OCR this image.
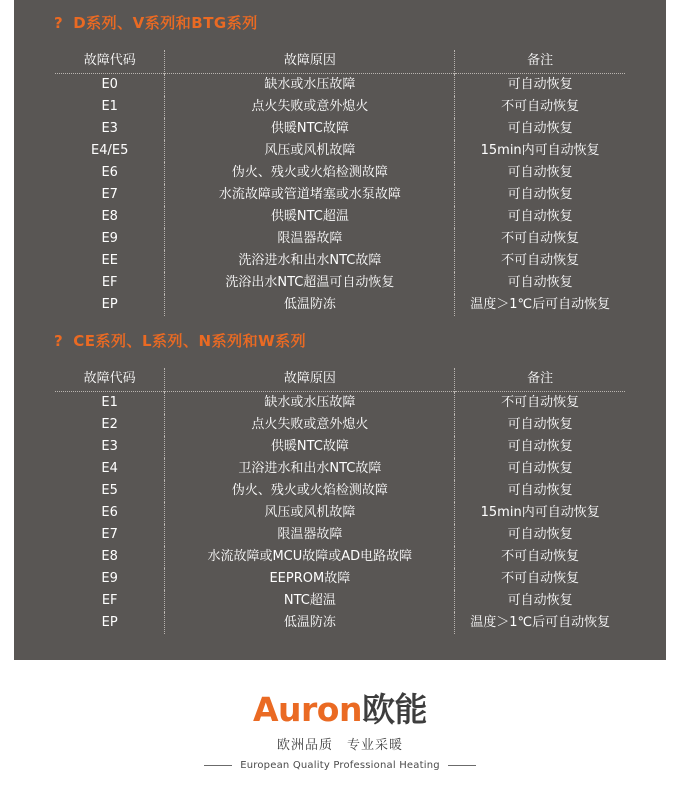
? D系列、V系列和BTG系列
故障代码	故障原因	备注
E0	缺水或水压故障	可自动恢复
E1	点火失败或意外熄火	不可自动恢复
E3	供暖NTC故障	可自动恢复
E4/E5	风压或风机故障	15min内可自动恢复
E6	伪火、残火或火焰检测故障	可自动恢复
E7	水流故障或管道堵塞或水泵故障	可自动恢复
E8	供暖NTC超温	可自动恢复
E9	限温器故障	不可自动恢复
EE	洗浴进水和出水NTC故障	不可自动恢复
EF	洗浴出水NTC超温可自动恢复	可自动恢复
EP	低温防冻	温度＞1℃后可自动恢复
? CE系列、L系列、N系列和W系列
故障代码	故障原因	备注
E1	缺水或水压故障	不可自动恢复
E2	点火失败或意外熄火	可自动恢复
E3	供暖NTC故障	可自动恢复
E4	卫浴进水和出水NTC故障	可自动恢复
E5	伪火、残火或火焰检测故障	可自动恢复
E6	风压或风机故障	15min内可自动恢复
E7	限温器故障	可自动恢复
E8	水流故障或MCU故障或AD电路故障	不可自动恢复
E9	EEPROM故障	不可自动恢复
EF	NTC超温	可自动恢复
EP	低温防冻	温度＞1℃后可自动恢复
Auron欧能
欧洲品质 专业采暖
European Quality Professional Heating
